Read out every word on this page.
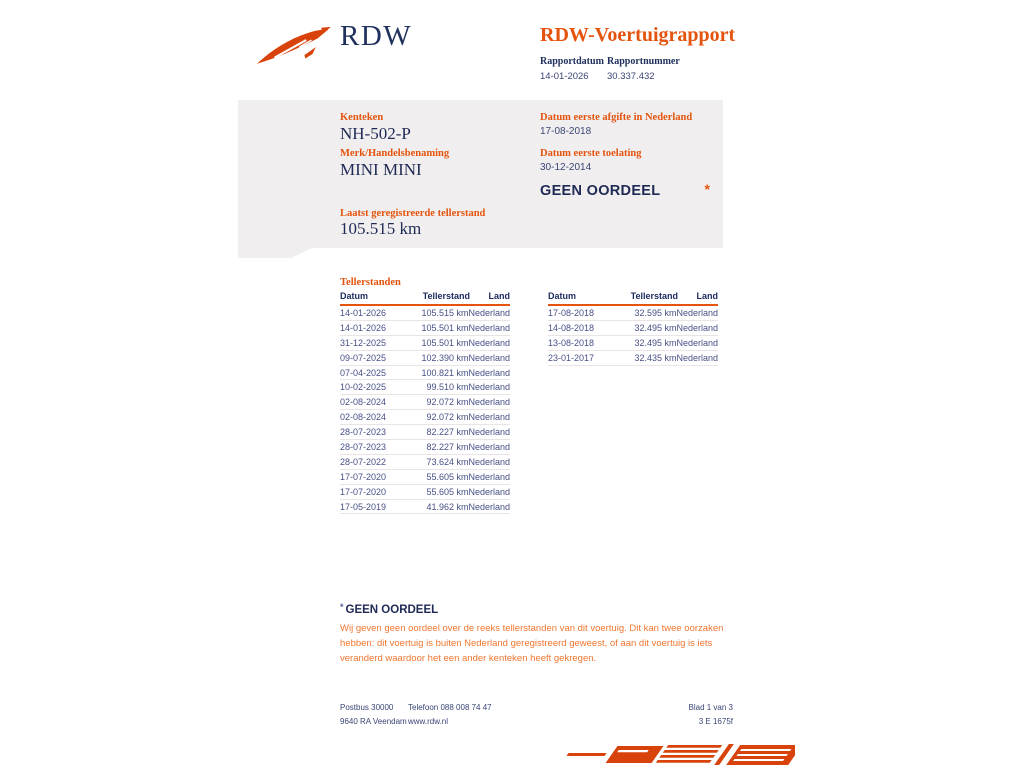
RDW	RDW-Voertuigrapport
Rapportdatum
14-01-2026
Rapportnummer
30.337.432
Kenteken
NH-502-P
Merk/Handelsbenaming
MINI MINI
Laatst geregistreerde tellerstand
105.515 km
Datum eerste afgifte in Nederland
17-08-2018
Datum eerste toelating
30-12-2014
GEEN OORDEEL	*
Tellerstanden
Datum	Tellerstand	Land
14-01-2026	105.515 km Nederland
14-01-2026	105.501 km Nederland
31-12-2025	105.501 km Nederland
09-07-2025	102.390 km Nederland
07-04-2025	100.821 km Nederland
10-02-2025	99.510 km Nederland
02-08-2024	92.072 km Nederland
02-08-2024	92.072 km Nederland
28-07-2023	82.227 km Nederland
28-07-2023	82.227 km Nederland
28-07-2022	73.624 km Nederland
17-07-2020	55.605 km Nederland
17-07-2020	55.605 km Nederland
17-05-2019	41.962 km Nederland
Datum	Tellerstand	Land
17-08-2018	32.595 km Nederland
14-08-2018	32.495 km Nederland
13-08-2018	32.495 km Nederland
23-01-2017	32.435 km Nederland
* GEEN OORDEEL
Wij geven geen oordeel over de reeks tellerstanden van dit voertuig. Dit kan twee oorzaken hebben: dit voertuig is buiten Nederland geregistreerd geweest, of aan dit voertuig is iets veranderd waardoor het een ander kenteken heeft gekregen.
Postbus 30000
9640 RA Veendam
Telefoon 088 008 74 47
www.rdw.nl
Blad 1 van 3
3 E 1675f
